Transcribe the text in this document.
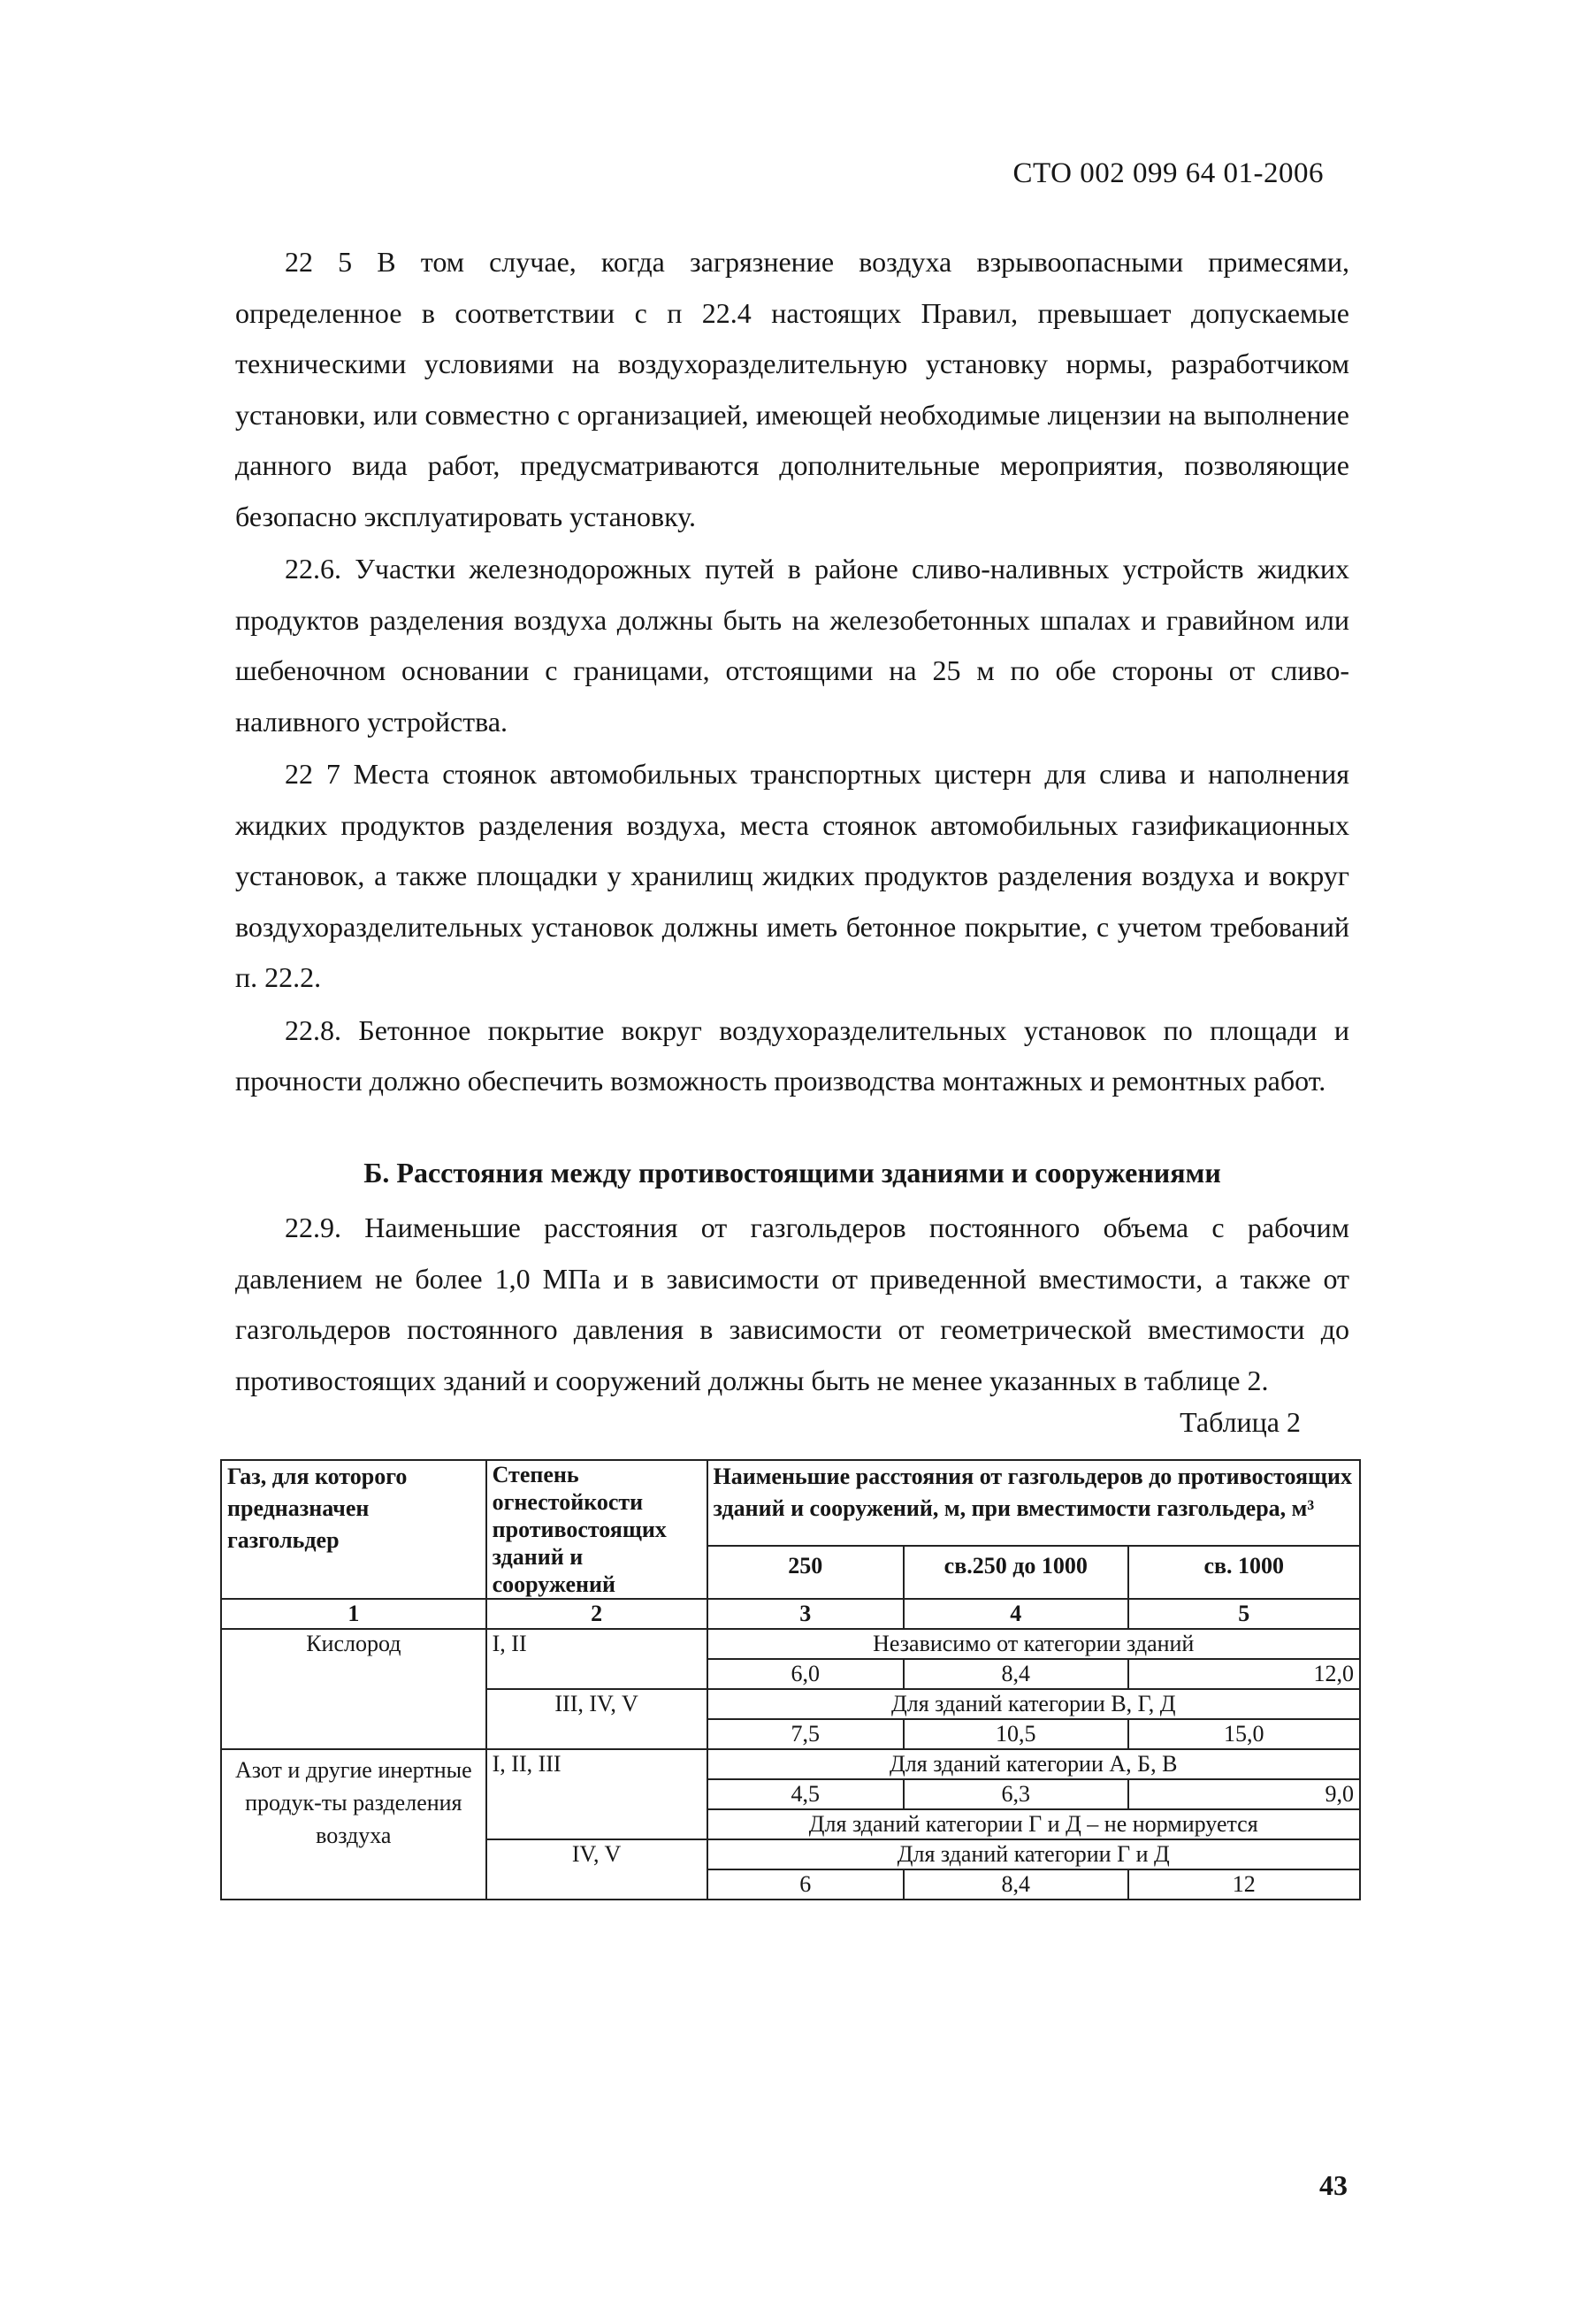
СТО 002 099 64 01-2006

22 5 В том случае, когда загрязнение воздуха взрывоопасными примесями, определенное в соответствии с п 22.4 настоящих Правил, превышает допускаемые техническими условиями на воздухоразделительную установку нормы, разработчиком установки, или совместно с организацией, имеющей необходимые лицензии на выполнение данного вида работ, предусматриваются дополнительные мероприятия, позволяющие безопасно эксплуатировать установку.

22.6. Участки железнодорожных путей в районе сливо-наливных устройств жидких продуктов разделения воздуха должны быть на железобетонных шпалах и гравийном или шебеночном основании с границами, отстоящими на 25 м по обе стороны от сливо-наливного устройства.

22 7 Места стоянок автомобильных транспортных цистерн для слива и наполнения жидких продуктов разделения воздуха, места стоянок автомобильных газификационных установок, а также площадки у хранилищ жидких продуктов разделения воздуха и вокруг воздухоразделительных установок должны иметь бетонное покрытие, с учетом требований п. 22.2.

22.8. Бетонное покрытие вокруг воздухоразделительных установок по площади и прочности должно обеспечить возможность производства монтажных и ремонтных работ.

Б. Расстояния между противостоящими зданиями и сооружениями

22.9. Наименьшие расстояния от газгольдеров постоянного объема с рабочим давлением не более 1,0 МПа и в зависимости от приведенной вместимости, а также от газгольдеров постоянного давления в зависимости от геометрической вместимости до противостоящих зданий и сооружений должны быть не менее указанных в таблице 2.

Таблица 2
Газ, для которого предназначен газгольдер	Степень огнестойкости противостоящих зданий и сооружений	Наименьшие расстояния от газгольдеров до противостоящих зданий и сооружений, м, при вместимости газгольдера, м³		
		250	св.250 до 1000	св. 1000
1	2	3	4	5
Кислород	I, II	Независимо от категории зданий		
		6,0	8,4	12,0
	III, IV, V	Для зданий категории В, Г, Д		
		7,5	10,5	15,0
Азот и другие инертные продук-ты разделения воздуха	I, II, III	Для зданий категории А, Б, В		
		4,5	6,3	9,0
		Для зданий категории Г и Д – не нормируется		
	IV, V	Для зданий категории Г и Д		
		6	8,4	12
43
